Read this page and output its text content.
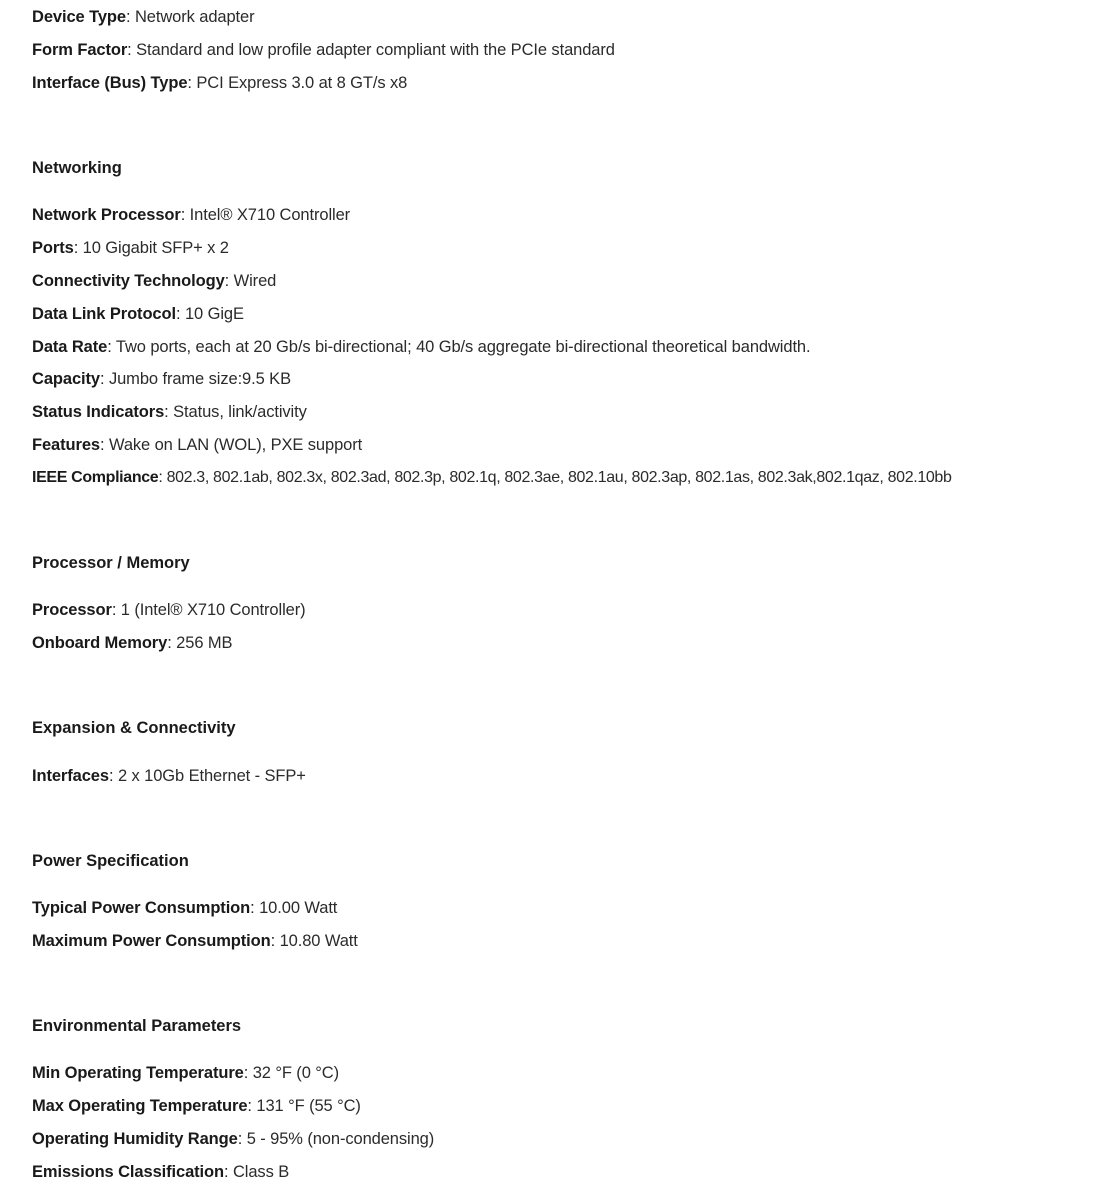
Device Type: Network adapter
Form Factor: Standard and low profile adapter compliant with the PCIe standard
Interface (Bus) Type: PCI Express 3.0 at 8 GT/s x8
Networking
Network Processor: Intel® X710 Controller
Ports: 10 Gigabit SFP+ x 2
Connectivity Technology: Wired
Data Link Protocol: 10 GigE
Data Rate: Two ports, each at 20 Gb/s bi-directional; 40 Gb/s aggregate bi-directional theoretical bandwidth.
Capacity: Jumbo frame size:9.5 KB
Status Indicators: Status, link/activity
Features: Wake on LAN (WOL), PXE support
IEEE Compliance: 802.3, 802.1ab, 802.3x, 802.3ad, 802.3p, 802.1q, 802.3ae, 802.1au, 802.3ap, 802.1as, 802.3ak,802.1qaz, 802.10bb
Processor / Memory
Processor: 1 (Intel® X710 Controller)
Onboard Memory: 256 MB
Expansion & Connectivity
Interfaces: 2 x 10Gb Ethernet - SFP+
Power Specification
Typical Power Consumption: 10.00 Watt
Maximum Power Consumption: 10.80 Watt
Environmental Parameters
Min Operating Temperature: 32 °F (0 °C)
Max Operating Temperature: 131 °F (55 °C)
Operating Humidity Range: 5 - 95% (non-condensing)
Emissions Classification: Class B
